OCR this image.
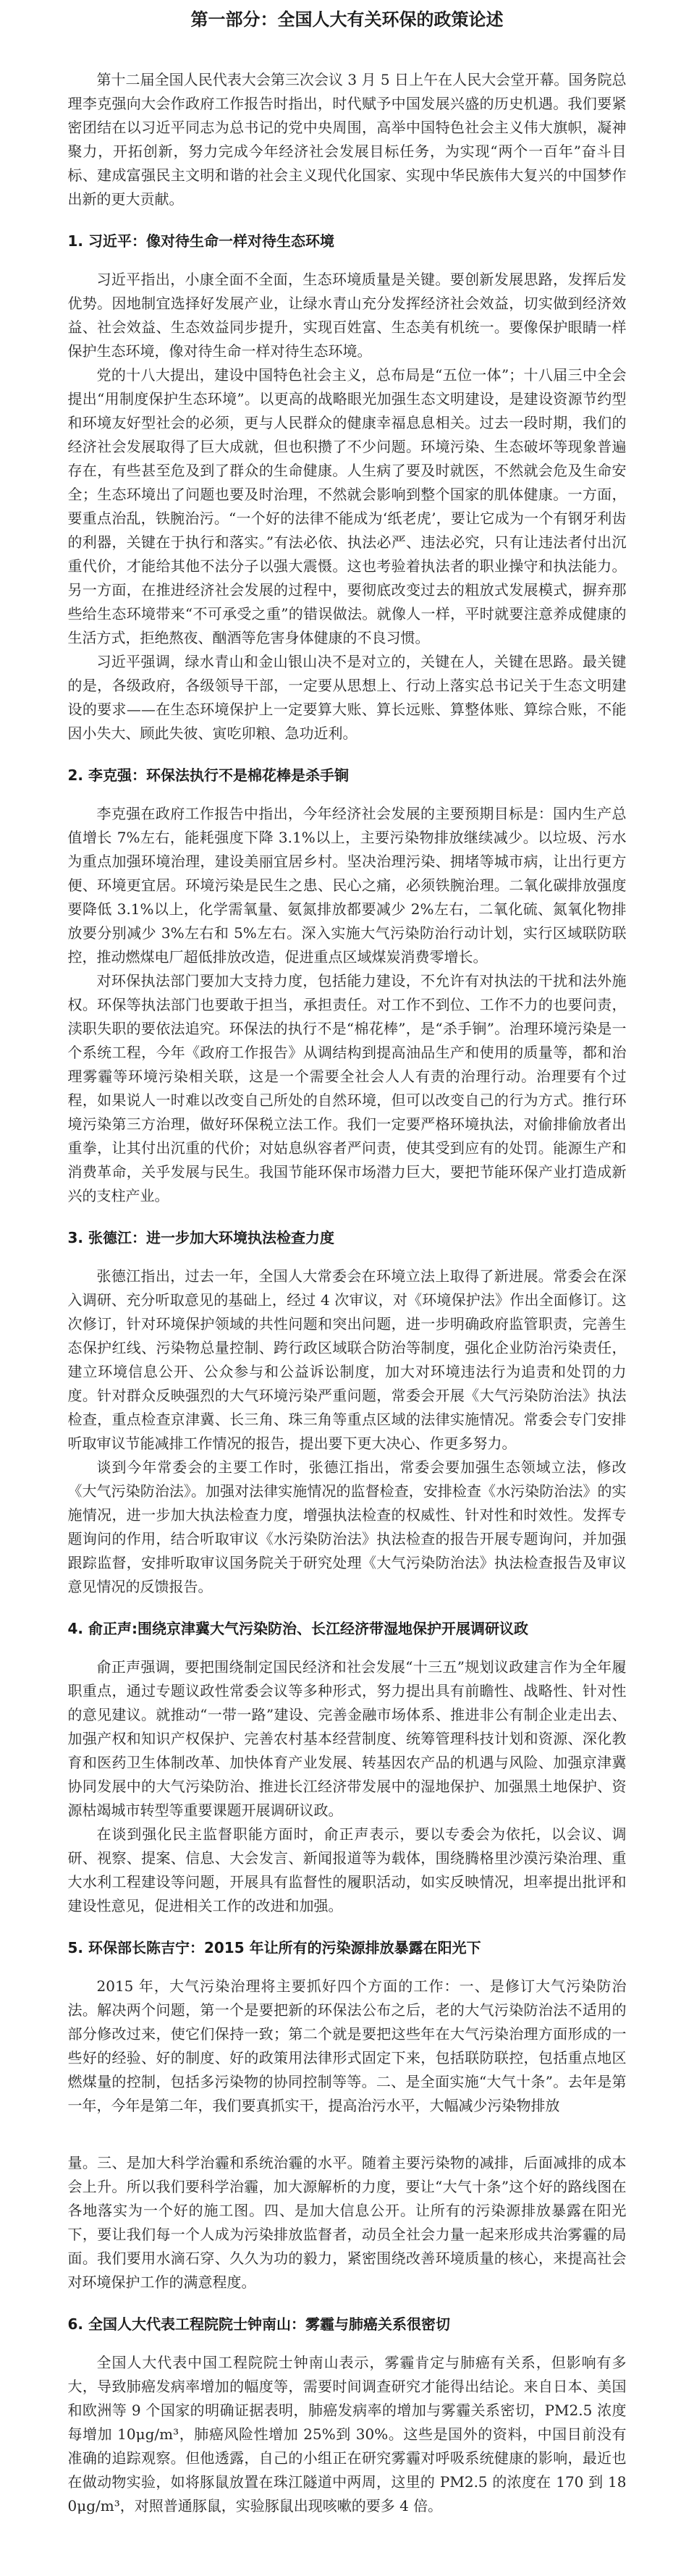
第一部分：全国人大有关环保的政策论述

第十二届全国人民代表大会第三次会议 3 月 5 日上午在人民大会堂开幕。国务院总理李克强向大会作政府工作报告时指出，时代赋予中国发展兴盛的历史机遇。我们要紧密团结在以习近平同志为总书记的党中央周围，高举中国特色社会主义伟大旗帜，凝神聚力，开拓创新，努力完成今年经济社会发展目标任务，为实现“两个一百年”奋斗目标、建成富强民主文明和谐的社会主义现代化国家、实现中华民族伟大复兴的中国梦作出新的更大贡献。

1. 习近平：像对待生命一样对待生态环境

习近平指出，小康全面不全面，生态环境质量是关键。要创新发展思路，发挥后发优势。因地制宜选择好发展产业，让绿水青山充分发挥经济社会效益，切实做到经济效益、社会效益、生态效益同步提升，实现百姓富、生态美有机统一。要像保护眼睛一样保护生态环境，像对待生命一样对待生态环境。

党的十八大提出，建设中国特色社会主义，总布局是“五位一体”；十八届三中全会提出“用制度保护生态环境”。以更高的战略眼光加强生态文明建设，是建设资源节约型和环境友好型社会的必须，更与人民群众的健康幸福息息相关。过去一段时期，我们的经济社会发展取得了巨大成就，但也积攒了不少问题。环境污染、生态破坏等现象普遍存在，有些甚至危及到了群众的生命健康。人生病了要及时就医，不然就会危及生命安全；生态环境出了问题也要及时治理，不然就会影响到整个国家的肌体健康。一方面，要重点治乱，铁腕治污。“一个好的法律不能成为‘纸老虎’，要让它成为一个有钢牙利齿的利器，关键在于执行和落实。”有法必依、执法必严、违法必究，只有让违法者付出沉重代价，才能给其他不法分子以强大震慑。这也考验着执法者的职业操守和执法能力。另一方面，在推进经济社会发展的过程中，要彻底改变过去的粗放式发展模式，摒弃那些给生态环境带来“不可承受之重”的错误做法。就像人一样，平时就要注意养成健康的生活方式，拒绝熬夜、酗酒等危害身体健康的不良习惯。

习近平强调，绿水青山和金山银山决不是对立的，关键在人，关键在思路。最关键的是，各级政府，各级领导干部，一定要从思想上、行动上落实总书记关于生态文明建设的要求——在生态环境保护上一定要算大账、算长远账、算整体账、算综合账，不能因小失大、顾此失彼、寅吃卯粮、急功近利。

2. 李克强：环保法执行不是棉花棒是杀手锏

李克强在政府工作报告中指出，今年经济社会发展的主要预期目标是：国内生产总值增长 7%左右，能耗强度下降 3.1%以上，主要污染物排放继续减少。以垃圾、污水为重点加强环境治理，建设美丽宜居乡村。坚决治理污染、拥堵等城市病，让出行更方便、环境更宜居。环境污染是民生之患、民心之痛，必须铁腕治理。二氧化碳排放强度要降低 3.1%以上，化学需氧量、氨氮排放都要减少 2%左右，二氧化硫、氮氧化物排放要分别减少 3%左右和 5%左右。深入实施大气污染防治行动计划，实行区域联防联控，推动燃煤电厂超低排放改造，促进重点区域煤炭消费零增长。

对环保执法部门要加大支持力度，包括能力建设，不允许有对执法的干扰和法外施权。环保等执法部门也要敢于担当，承担责任。对工作不到位、工作不力的也要问责，渎职失职的要依法追究。环保法的执行不是“棉花棒”，是“杀手锏”。治理环境污染是一个系统工程，今年《政府工作报告》从调结构到提高油品生产和使用的质量等，都和治理雾霾等环境污染相关联，这是一个需要全社会人人有责的治理行动。治理要有个过程，如果说人一时难以改变自己所处的自然环境，但可以改变自己的行为方式。推行环境污染第三方治理，做好环保税立法工作。我们一定要严格环境执法，对偷排偷放者出重拳，让其付出沉重的代价；对姑息纵容者严问责，使其受到应有的处罚。能源生产和消费革命，关乎发展与民生。我国节能环保市场潜力巨大，要把节能环保产业打造成新兴的支柱产业。

3. 张德江：进一步加大环境执法检查力度

张德江指出，过去一年，全国人大常委会在环境立法上取得了新进展。常委会在深入调研、充分听取意见的基础上，经过 4 次审议，对《环境保护法》作出全面修订。这次修订，针对环境保护领域的共性问题和突出问题，进一步明确政府监管职责，完善生态保护红线、污染物总量控制、跨行政区域联合防治等制度，强化企业防治污染责任，建立环境信息公开、公众参与和公益诉讼制度，加大对环境违法行为追责和处罚的力度。针对群众反映强烈的大气环境污染严重问题，常委会开展《大气污染防治法》执法检查，重点检查京津冀、长三角、珠三角等重点区域的法律实施情况。常委会专门安排听取审议节能减排工作情况的报告，提出要下更大决心、作更多努力。

谈到今年常委会的主要工作时，张德江指出，常委会要加强生态领域立法，修改《大气污染防治法》。加强对法律实施情况的监督检查，安排检查《水污染防治法》的实施情况，进一步加大执法检查力度，增强执法检查的权威性、针对性和时效性。发挥专题询问的作用，结合听取审议《水污染防治法》执法检查的报告开展专题询问，并加强跟踪监督，安排听取审议国务院关于研究处理《大气污染防治法》执法检查报告及审议意见情况的反馈报告。

4. 俞正声:围绕京津冀大气污染防治、长江经济带湿地保护开展调研议政

俞正声强调，要把围绕制定国民经济和社会发展“十三五”规划议政建言作为全年履职重点，通过专题议政性常委会议等多种形式，努力提出具有前瞻性、战略性、针对性的意见建议。就推动“一带一路”建设、完善金融市场体系、推进非公有制企业走出去、加强产权和知识产权保护、完善农村基本经营制度、统筹管理科技计划和资源、深化教育和医药卫生体制改革、加快体育产业发展、转基因农产品的机遇与风险、加强京津冀协同发展中的大气污染防治、推进长江经济带发展中的湿地保护、加强黑土地保护、资源枯竭城市转型等重要课题开展调研议政。

在谈到强化民主监督职能方面时，俞正声表示，要以专委会为依托，以会议、调研、视察、提案、信息、大会发言、新闻报道等为载体，围绕腾格里沙漠污染治理、重大水利工程建设等问题，开展具有监督性的履职活动，如实反映情况，坦率提出批评和建设性意见，促进相关工作的改进和加强。

5. 环保部长陈吉宁：2015 年让所有的污染源排放暴露在阳光下

2015 年，大气污染治理将主要抓好四个方面的工作：一、是修订大气污染防治法。解决两个问题，第一个是要把新的环保法公布之后，老的大气污染防治法不适用的部分修改过来，使它们保持一致；第二个就是要把这些年在大气污染治理方面形成的一些好的经验、好的制度、好的政策用法律形式固定下来，包括联防联控，包括重点地区燃煤量的控制，包括多污染物的协同控制等等。二、是全面实施“大气十条”。去年是第一年，今年是第二年，我们要真抓实干，提高治污水平，大幅减少污染物排放

量。三、是加大科学治霾和系统治霾的水平。随着主要污染物的减排，后面减排的成本会上升。所以我们要科学治霾，加大源解析的力度，要让“大气十条”这个好的路线图在各地落实为一个好的施工图。四、是加大信息公开。让所有的污染源排放暴露在阳光下，要让我们每一个人成为污染排放监督者，动员全社会力量一起来形成共治雾霾的局面。我们要用水滴石穿、久久为功的毅力，紧密围绕改善环境质量的核心，来提高社会对环境保护工作的满意程度。

6. 全国人大代表工程院院士钟南山：雾霾与肺癌关系很密切

全国人大代表中国工程院院士钟南山表示，雾霾肯定与肺癌有关系，但影响有多大，导致肺癌发病率增加的幅度等，需要时间调查研究才能得出结论。来自日本、美国和欧洲等 9 个国家的明确证据表明，肺癌发病率的增加与雾霾关系密切，PM2.5 浓度每增加 10μg/m³，肺癌风险性增加 25%到 30%。这些是国外的资料，中国目前没有准确的追踪观察。但他透露，自己的小组正在研究雾霾对呼吸系统健康的影响，最近也在做动物实验，如将豚鼠放置在珠江隧道中两周，这里的 PM2.5 的浓度在 170 到 180μg/m³，对照普通豚鼠，实验豚鼠出现咳嗽的要多 4 倍。
